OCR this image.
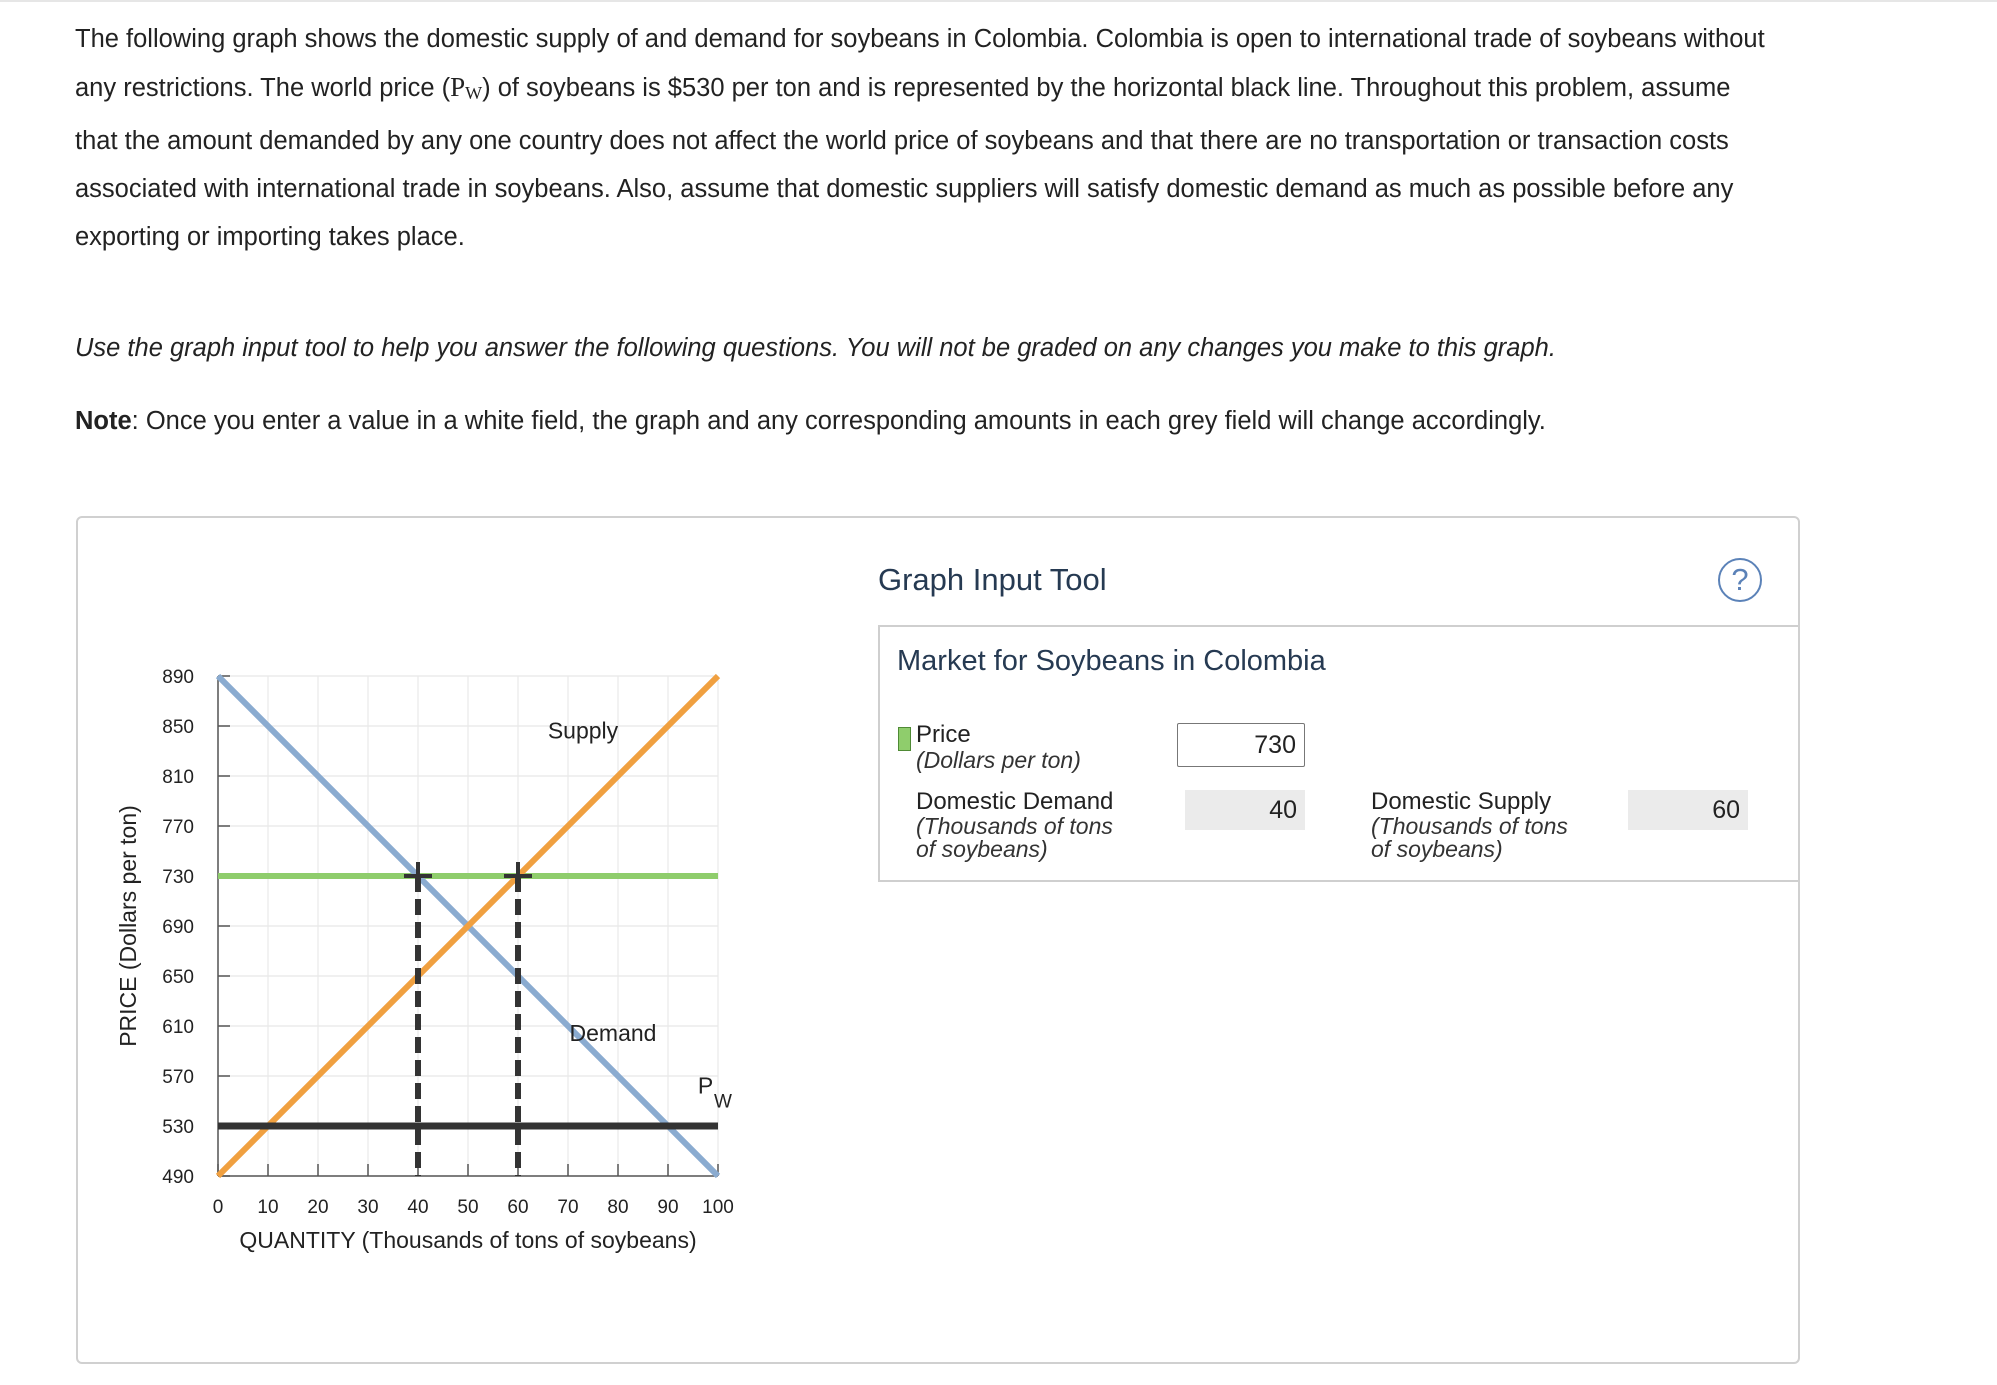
The following graph shows the domestic supply of and demand for soybeans in Colombia. Colombia is open to international trade of soybeans without
any restrictions. The world price $(P_W)$ of soybeans is $530 per ton and is represented by the horizontal black line. Throughout this problem, assume
that the amount demanded by any one country does not affect the world price of soybeans and that there are no transportation or transaction costs
associated with international trade in soybeans. Also, assume that domestic suppliers will satisfy domestic demand as much as possible before any
exporting or importing takes place.
Use the graph input tool to help you answer the following questions. You will not be graded on any changes you make to this graph.
Note: Once you enter a value in a white field, the graph and any corresponding amounts in each grey field will change accordingly.
490
530
570
610
650
690
730
770
810
850
890
0 10 20 30 40 50 60 70 80 90 100
QUANTITY (Thousands of tons of soybeans)
PRICE (Dollars per ton)
Supply
Demand
P
W
Graph Input Tool	?
Market for Soybeans in Colombia
Price
(Dollars per ton)
730
Domestic Demand
(Thousands of tons
of soybeans)
40	Domestic Supply
(Thousands of tons
of soybeans)
60
